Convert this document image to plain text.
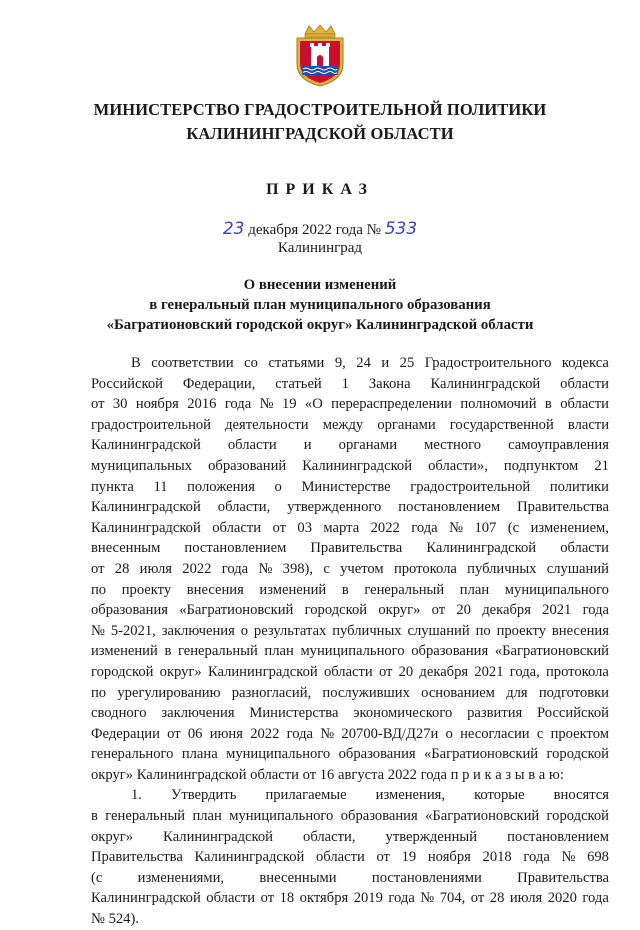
МИНИСТЕРСТВО ГРАДОСТРОИТЕЛЬНОЙ ПОЛИТИКИ
КАЛИНИНГРАДСКОЙ ОБЛАСТИ
ПРИКАЗ
23 декабря 2022 года № 533
Калининград
О внесении изменений
в генеральный план муниципального образования
«Багратионовский городской округ» Калининградской области
В соответствии со статьями 9, 24 и 25 Градостроительного кодекса
Российской Федерации, статьей 1 Закона Калининградской области
от 30 ноября 2016 года № 19 «О перераспределении полномочий в области
градостроительной деятельности между органами государственной власти
Калининградской области и органами местного самоуправления
муниципальных образований Калининградской области», подпунктом 21
пункта 11 положения о Министерстве градостроительной политики
Калининградской области, утвержденного постановлением Правительства
Калининградской области от 03 марта 2022 года № 107 (с изменением,
внесенным постановлением Правительства Калининградской области
от 28 июля 2022 года № 398), с учетом протокола публичных слушаний
по проекту внесения изменений в генеральный план муниципального
образования «Багратионовский городской округ» от 20 декабря 2021 года
№ 5-2021, заключения о результатах публичных слушаний по проекту внесения
изменений в генеральный план муниципального образования «Багратионовский
городской округ» Калининградской области от 20 декабря 2021 года, протокола
по урегулированию разногласий, послуживших основанием для подготовки
сводного заключения Министерства экономического развития Российской
Федерации от 06 июня 2022 года № 20700-ВД/Д27и о несогласии с проектом
генерального плана муниципального образования «Багратионовский городской
округ» Калининградской области от 16 августа 2022 года п р и к а з ы в а ю:
1. Утвердить прилагаемые изменения, которые вносятся
в генеральный план муниципального образования «Багратионовский городской
округ» Калининградской области, утвержденный постановлением
Правительства Калининградской области от 19 ноября 2018 года № 698
(с изменениями, внесенными постановлениями Правительства
Калининградской области от 18 октября 2019 года № 704, от 28 июля 2020 года
№ 524).
